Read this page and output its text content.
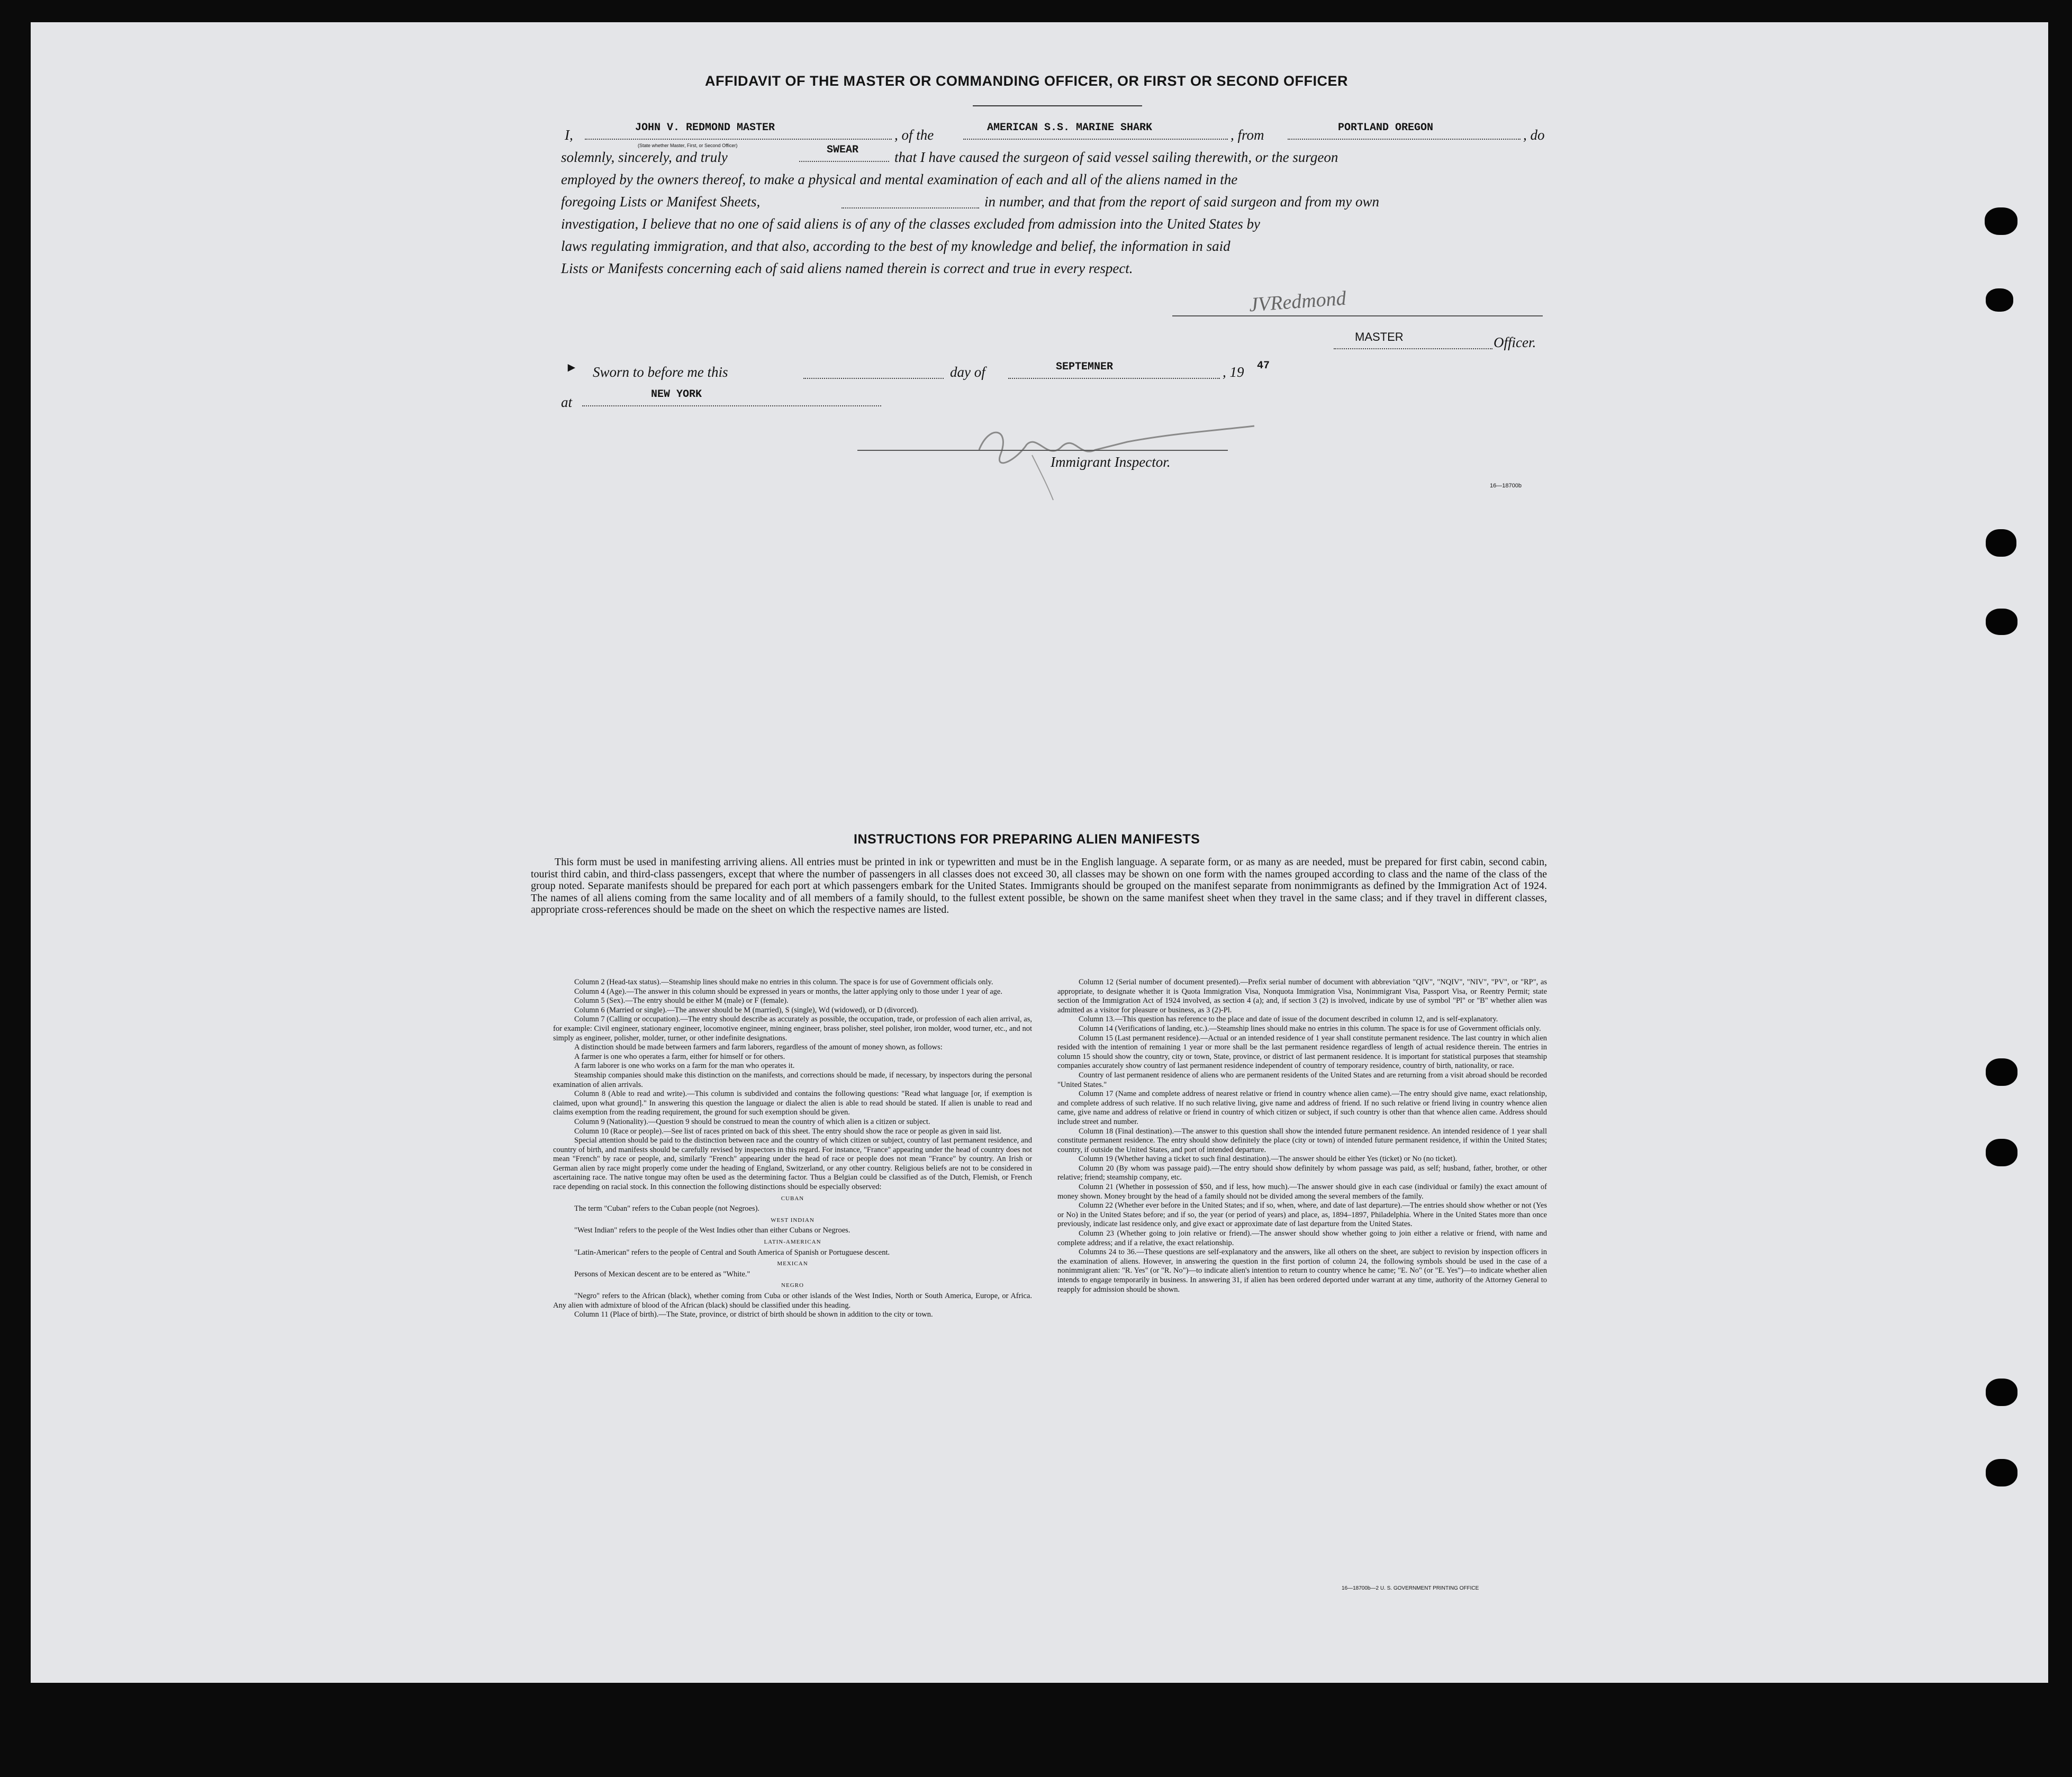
AFFIDAVIT OF THE MASTER OR COMMANDING OFFICER, OR FIRST OR SECOND OFFICER
I,	JOHN V. REDMOND MASTER
(State whether Master, First, or Second Officer)
, of the	AMERICAN S.S. MARINE SHARK	, from	PORTLAND OREGON	, do
solemnly, sincerely, and truly	SWEAR	that I have caused the surgeon of said vessel sailing therewith, or the surgeon
employed by the owners thereof, to make a physical and mental examination of each and all of the aliens named in the
foregoing Lists or Manifest Sheets,	in number, and that from the report of said surgeon and from my own
investigation, I believe that no one of said aliens is of any of the classes excluded from admission into the United States by
laws regulating immigration, and that also, according to the best of my knowledge and belief, the information in said
Lists or Manifests concerning each of said aliens named therein is correct and true in every respect.
JVRedmond
MASTER	Officer.
► Sworn to before me this	day of	SEPTEMNER	, 19 47
at	NEW YORK
Immigrant Inspector.
16—18700b
INSTRUCTIONS FOR PREPARING ALIEN MANIFESTS

This form must be used in manifesting arriving aliens. All entries must be printed in ink or typewritten and must be in the English language. A separate form, or as many as are needed, must be prepared for first cabin, second cabin, tourist third cabin, and third-class passengers, except that where the number of passengers in all classes does not exceed 30, all classes may be shown on one form with the names grouped according to class and the name of the class of the group noted. Separate manifests should be prepared for each port at which passengers embark for the United States. Immigrants should be grouped on the manifest separate from nonimmigrants as defined by the Immigration Act of 1924. The names of all aliens coming from the same locality and of all members of a family should, to the fullest extent possible, be shown on the same manifest sheet when they travel in the same class; and if they travel in different classes, appropriate cross-references should be made on the sheet on which the respective names are listed.

Column 2 (Head-tax status).—Steamship lines should make no entries in this column. The space is for use of Government officials only.

Column 4 (Age).—The answer in this column should be expressed in years or months, the latter applying only to those under 1 year of age.

Column 5 (Sex).—The entry should be either M (male) or F (female).

Column 6 (Married or single).—The answer should be M (married), S (single), Wd (widowed), or D (divorced).

Column 7 (Calling or occupation).—The entry should describe as accurately as possible, the occupation, trade, or profession of each alien arrival, as, for example: Civil engineer, stationary engineer, locomotive engineer, mining engineer, brass polisher, steel polisher, iron molder, wood turner, etc., and not simply as engineer, polisher, molder, turner, or other indefinite designations.

A distinction should be made between farmers and farm laborers, regardless of the amount of money shown, as follows:

A farmer is one who operates a farm, either for himself or for others.

A farm laborer is one who works on a farm for the man who operates it.

Steamship companies should make this distinction on the manifests, and corrections should be made, if necessary, by inspectors during the personal examination of alien arrivals.

Column 8 (Able to read and write).—This column is subdivided and contains the following questions: "Read what language [or, if exemption is claimed, upon what ground]." In answering this question the language or dialect the alien is able to read should be stated. If alien is unable to read and claims exemption from the reading requirement, the ground for such exemption should be given.

Column 9 (Nationality).—Question 9 should be construed to mean the country of which alien is a citizen or subject.

Column 10 (Race or people).—See list of races printed on back of this sheet. The entry should show the race or people as given in said list.

Special attention should be paid to the distinction between race and the country of which citizen or subject, country of last permanent residence, and country of birth, and manifests should be carefully revised by inspectors in this regard. For instance, "France" appearing under the head of country does not mean "French" by race or people, and, similarly "French" appearing under the head of race or people does not mean "France" by country. An Irish or German alien by race might properly come under the heading of England, Switzerland, or any other country. Religious beliefs are not to be considered in ascertaining race. The native tongue may often be used as the determining factor. Thus a Belgian could be classified as of the Dutch, Flemish, or French race depending on racial stock. In this connection the following distinctions should be especially observed:

CUBAN

The term "Cuban" refers to the Cuban people (not Negroes).

WEST INDIAN

"West Indian" refers to the people of the West Indies other than either Cubans or Negroes.

LATIN-AMERICAN

"Latin-American" refers to the people of Central and South America of Spanish or Portuguese descent.

MEXICAN

Persons of Mexican descent are to be entered as "White."

NEGRO

"Negro" refers to the African (black), whether coming from Cuba or other islands of the West Indies, North or South America, Europe, or Africa. Any alien with admixture of blood of the African (black) should be classified under this heading.

Column 11 (Place of birth).—The State, province, or district of birth should be shown in addition to the city or town.

Column 12 (Serial number of document presented).—Prefix serial number of document with abbreviation "QIV", "NQIV", "NIV", "PV", or "RP", as appropriate, to designate whether it is Quota Immigration Visa, Nonquota Immigration Visa, Nonimmigrant Visa, Passport Visa, or Reentry Permit; state section of the Immigration Act of 1924 involved, as section 4 (a); and, if section 3 (2) is involved, indicate by use of symbol "Pl" or "B" whether alien was admitted as a visitor for pleasure or business, as 3 (2)-Pl.

Column 13.—This question has reference to the place and date of issue of the document described in column 12, and is self-explanatory.

Column 14 (Verifications of landing, etc.).—Steamship lines should make no entries in this column. The space is for use of Government officials only.

Column 15 (Last permanent residence).—Actual or an intended residence of 1 year shall constitute permanent residence. The last country in which alien resided with the intention of remaining 1 year or more shall be the last permanent residence regardless of length of actual residence therein. The entries in column 15 should show the country, city or town, State, province, or district of last permanent residence. It is important for statistical purposes that steamship companies accurately show country of last permanent residence independent of country of temporary residence, country of birth, nationality, or race.

Country of last permanent residence of aliens who are permanent residents of the United States and are returning from a visit abroad should be recorded "United States."

Column 17 (Name and complete address of nearest relative or friend in country whence alien came).—The entry should give name, exact relationship, and complete address of such relative. If no such relative living, give name and address of friend. If no such relative or friend living in country whence alien came, give name and address of relative or friend in country of which citizen or subject, if such country is other than that whence alien came. Address should include street and number.

Column 18 (Final destination).—The answer to this question shall show the intended future permanent residence. An intended residence of 1 year shall constitute permanent residence. The entry should show definitely the place (city or town) of intended future permanent residence, if within the United States; country, if outside the United States, and port of intended departure.

Column 19 (Whether having a ticket to such final destination).—The answer should be either Yes (ticket) or No (no ticket).

Column 20 (By whom was passage paid).—The entry should show definitely by whom passage was paid, as self; husband, father, brother, or other relative; friend; steamship company, etc.

Column 21 (Whether in possession of $50, and if less, how much).—The answer should give in each case (individual or family) the exact amount of money shown. Money brought by the head of a family should not be divided among the several members of the family.

Column 22 (Whether ever before in the United States; and if so, when, where, and date of last departure).—The entries should show whether or not (Yes or No) in the United States before; and if so, the year (or period of years) and place, as, 1894–1897, Philadelphia. Where in the United States more than once previously, indicate last residence only, and give exact or approximate date of last departure from the United States.

Column 23 (Whether going to join relative or friend).—The answer should show whether going to join either a relative or friend, with name and complete address; and if a relative, the exact relationship.

Columns 24 to 36.—These questions are self-explanatory and the answers, like all others on the sheet, are subject to revision by inspection officers in the examination of aliens. However, in answering the question in the first portion of column 24, the following symbols should be used in the case of a nonimmigrant alien: "R. Yes" (or "R. No")—to indicate alien's intention to return to country whence he came; "E. No" (or "E. Yes")—to indicate whether alien intends to engage temporarily in business. In answering 31, if alien has been ordered deported under warrant at any time, authority of the Attorney General to reapply for admission should be shown.

16—18700b—2 U. S. GOVERNMENT PRINTING OFFICE
